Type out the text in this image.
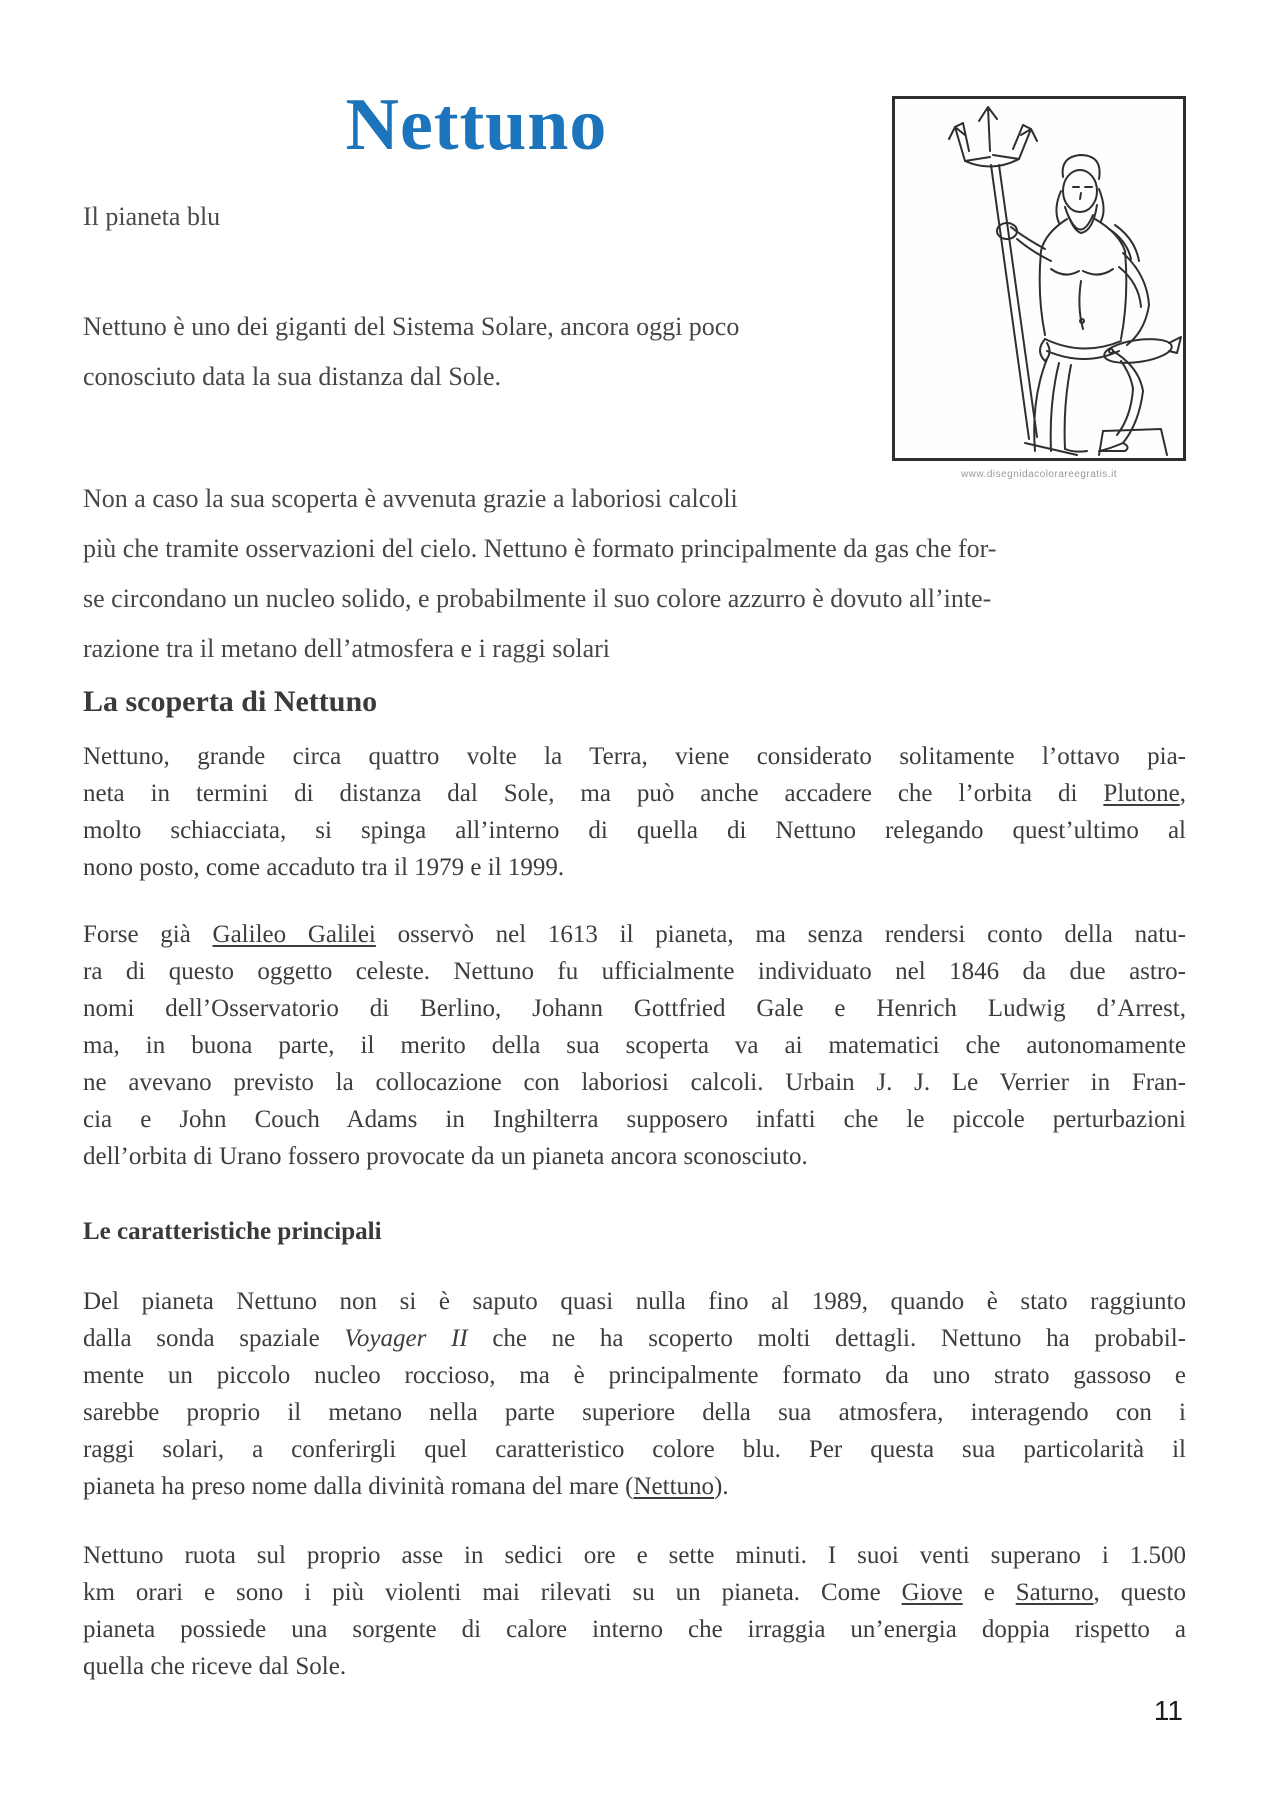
www.disegnidacolorareegratis.it
Nettuno

Il pianeta blu

Nettuno è uno dei giganti del Sistema Solare, ancora oggi poco
conosciuto data la sua distanza dal Sole.
Non a caso la sua scoperta è avvenuta grazie a laboriosi calcoli
più che tramite osservazioni del cielo. Nettuno è formato principalmente da gas che for-
se circondano un nucleo solido, e probabilmente il suo colore azzurro è dovuto all’inte-
razione tra il metano dell’atmosfera e i raggi solari
La scoperta di Nettuno
Nettuno, grande circa quattro volte la Terra, viene considerato solitamente l’ottavo pia-
neta in termini di distanza dal Sole, ma può anche accadere che l’orbita di Plutone,
molto schiacciata, si spinga all’interno di quella di Nettuno relegando quest’ultimo al
nono posto, come accaduto tra il 1979 e il 1999.
Forse già Galileo Galilei osservò nel 1613 il pianeta, ma senza rendersi conto della natu-
ra di questo oggetto celeste. Nettuno fu ufficialmente individuato nel 1846 da due astro-
nomi dell’Osservatorio di Berlino, Johann Gottfried Gale e Henrich Ludwig d’Arrest,
ma, in buona parte, il merito della sua scoperta va ai matematici che autonomamente
ne avevano previsto la collocazione con laboriosi calcoli. Urbain J. J. Le Verrier in Fran-
cia e John Couch Adams in Inghilterra supposero infatti che le piccole perturbazioni
dell’orbita di Urano fossero provocate da un pianeta ancora sconosciuto.
Le caratteristiche principali
Del pianeta Nettuno non si è saputo quasi nulla fino al 1989, quando è stato raggiunto
dalla sonda spaziale Voyager II che ne ha scoperto molti dettagli. Nettuno ha probabil-
mente un piccolo nucleo roccioso, ma è principalmente formato da uno strato gassoso e
sarebbe proprio il metano nella parte superiore della sua atmosfera, interagendo con i
raggi solari, a conferirgli quel caratteristico colore blu. Per questa sua particolarità il
pianeta ha preso nome dalla divinità romana del mare (Nettuno).
Nettuno ruota sul proprio asse in sedici ore e sette minuti. I suoi venti superano i 1.500
km orari e sono i più violenti mai rilevati su un pianeta. Come Giove e Saturno, questo
pianeta possiede una sorgente di calore interno che irraggia un’energia doppia rispetto a
quella che riceve dal Sole.
11
